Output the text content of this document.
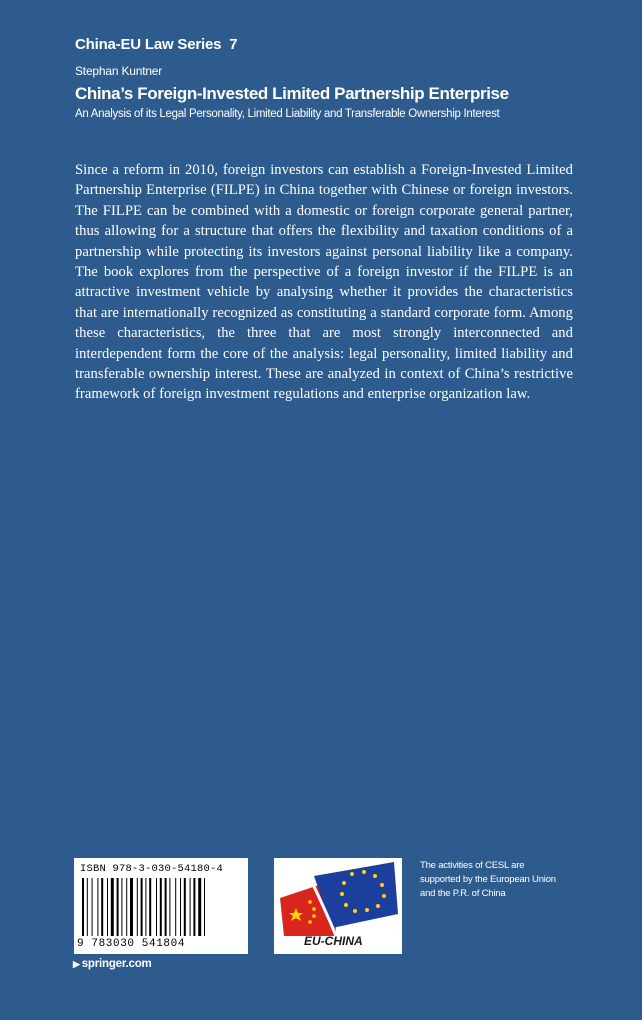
China-EU Law Series 7
Stephan Kuntner
China’s Foreign-Invested Limited Partnership Enterprise
An Analysis of its Legal Personality, Limited Liability and Transferable Ownership Interest
Since a reform in 2010, foreign investors can establish a Foreign-Invested Limited Partnership Enterprise (FILPE) in China together with Chinese or foreign investors. The FILPE can be combined with a domestic or foreign corporate general partner, thus allowing for a structure that offers the flexibility and taxation conditions of a partnership while protecting its investors against personal liability like a company. The book explores from the perspective of a foreign investor if the FILPE is an attractive investment vehicle by analysing whether it provides the characteristics that are internationally recognized as constituting a standard corporate form. Among these characteristics, the three that are most strongly interconnected and interdependent form the core of the analysis: legal personality, limited liability and transferable ownership interest. These are analyzed in context of China’s restrictive framework of foreign investment regulations and enterprise organization law.
ISBN 978-3-030-54180-4
9 783030 541804
▶ springer.com
EU-CHINA
The activities of CESL are
supported by the European Union
and the P.R. of China
